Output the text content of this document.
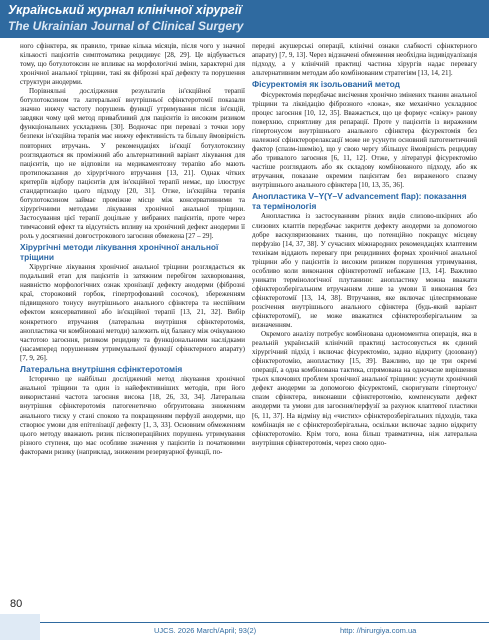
Український журнал клінічної хірургії
The Ukrainian Journal of Clinical Surgery

ного сфінктера, як правило, тривае кілька місяців, після чого у значної кількості пацієнтів симптоматика рецидивує [28, 29]. Це відбувається тому, що ботулотоксин не впливає на морфологічні зміни, характерні для хронічної анальної тріщини, такі як фіброзні краї дефекту та порушення структури анодерми.

Порівняльні дослідження результатів ін'єкційної терапії ботулотоксином та латеральної внутрішньої сфінктеротомії показали значно нижчу частоту порушень функції утримування після ін'єкцій, завдяки чому цей метод привабливий для пацієнтів із високим ризиком функціональних ускладнень [30]. Водночас при перевазі з точки зору безпеки ін'єкційна терапія має нижчу ефективність та більшу ймовірність повторних втручань. У рекомендаціях ін'єкції ботулотоксину розглядаються як проміжний або альтернативний варіант лікування для пацієнтів, що не відповіли на медикаментозну терапію або мають протипоказання до хірургічного втручання [13, 21]. Однак чітких критеріїв відбору пацієнтів для ін'єкційної терапії немає, що ілюструє стандартизацію цього підходу [20, 31]. Отже, ін'єкційна терапія ботулотоксином займає проміжне місце між консервативними та хірургічними методами лікування хронічної анальної тріщини. Застосування цієї терапії доцільне у вибраних пацієнтів, проте через тимчасовий ефект та відсутність впливу на хронічний дефект анодерми її роль у досягненні довгострокового загоєння обмежена [27 – 29].

Хірургічні методи лікування хронічної анальної тріщини

Хірургічне лікування хронічної анальної тріщини розглядається як подальший етап для пацієнтів із затяжним перебігом захворювання, наявністю морфологічних ознак хронізації дефекту анодерми (фіброзні краї, сторожовий горбок, гіпертрофований сосочок), збереженням підвищеного тонусу внутрішнього анального сфінктера та неспійним ефектом консервативної або ін'єкційної терапії [13, 21, 32]. Вибір конкретного втручання (латеральна внутрішня сфінктеротомія, анопластика чи комбіновані методи) залежить від балансу між очікуваною частотою загоєння, ризиком рецидиву та функціональними наслідками (насамперед порушенням утримувальної функції сфінктерного апарату) [7, 9, 26].

Латеральна внутрішня сфінктеротомія

Історично це найбільш досліджений метод лікування хронічної анальної тріщини та один із найефективніших методів, при його використанні частота загоєння висока [18, 26, 33, 34]. Латеральна внутрішня сфінктеротомія патогенетично обґрунтована зниженням анального тиску у стані спокою та покращенням перфузії анодерми, що створює умови для епітелізації дефекту [1, 3, 33]. Основним обмеженням цього методу вважають ризик післяопераційних порушень утримування різного ступеня, що має особливе значення у пацієнтів із початковими факторами ризику (наприклад, зниженим резервуарної функції, по-

передні акушерські операції, клінічні ознаки слабкості сфінктерного апарату) [7, 9, 13]. Через відзначені обмеження необхідна індивідуалізація підходу, а у клінічній практиці частина хірургів надає перевагу альтернативним методам або комбінованим стратегіям [13, 14, 21].

Фісуректомія як ізольований метод

Фісуректомія передбачає висічення хронічно змінених тканин анальної тріщини та ліквідацію фіброзного «ложа», яке механічно ускладнює процес загоєння [10, 12, 35]. Вважається, що це формує «свіжу» рановy поверхню, сприятливу для репарації. Проте у пацієнтів із вираженим гіпертонусом внутрішнього анального сфінктера фісуректомія без належної сфінктерорелаксації може не усунути основний патогенетичний фактор (спазм-ішемію), що у свою чергу збільшує ймовірність рецидиву або тривалого загоєння [6, 11, 12]. Отже, у літературі фісуректомію частіше розглядають або як складову комбінованого підходу, або як втручання, показане окремим пацієнтам без вираженого спазму внутрішнього анального сфінктера [10, 13, 35, 36].

Анопластика V–Y(Y–V advancement flap): показання та термінологія

Анопластика із застосуванням різних видів слизово-шкірних або слизових клаптів передбачає закриття дефекту анодерми за допомогою добре васкуляризованих тканин, що потенційно покращує місцеву перфузію [14, 37, 38]. У сучасних міжнародних рекомендаціях клаптевим технікам віддають перевагу при рецидивних формах хронічної анальної тріщини або у пацієнтів із високим ризиком порушення утримування, особливо коли виконання сфінктеротомії небажане [13, 14]. Важливо уникати термінологічної плутанини: анопластику можна вважати сфінктерозберігальним втручанням лише за умови її виконання без сфінктеротомії [13, 14, 38]. Втручання, яке включає цілеспрямоване розсічення внутрішнього анального сфінктера (будь-який варіант сфінктеротомії), не може вважатися сфінктерозберігальним за визначенням.

Окремого аналізу потребує комбінована одномоментна операція, яка в реальній українській клінічній практиці застосовується як єдиний хірургічний підхід і включає фісуректомію, задню відкриту (дозовану) сфінктеротомію, анопластику [15, 39]. Важливо, що це три окремі операції, а одна комбінована тактика, спрямована на одночасне вирішення трьох ключових проблем хронічної анальної тріщини: усунути хронічний дефект анодерми за допомогою фісуректомії, скоригувати гіпертонус/спазм сфінктера, виконавши сфінктеротомію, компенсувати дефект анодерми та умови для загоєння/перфузії за рахунок клаптевої пластики [6, 11, 37]. На відміну від «чистих» сфінктерозберігальних підходів, така комбінація не є сфінктерозберігальна, оскільки включає задню відкриту сфінктеротомію. Крім того, вона більш травматична, ніж латеральна внутрішня сфінктеротомія, через свою одно-

80
UJCS. 2026 March/April; 93(2)	http: //hirurgiya.com.ua
